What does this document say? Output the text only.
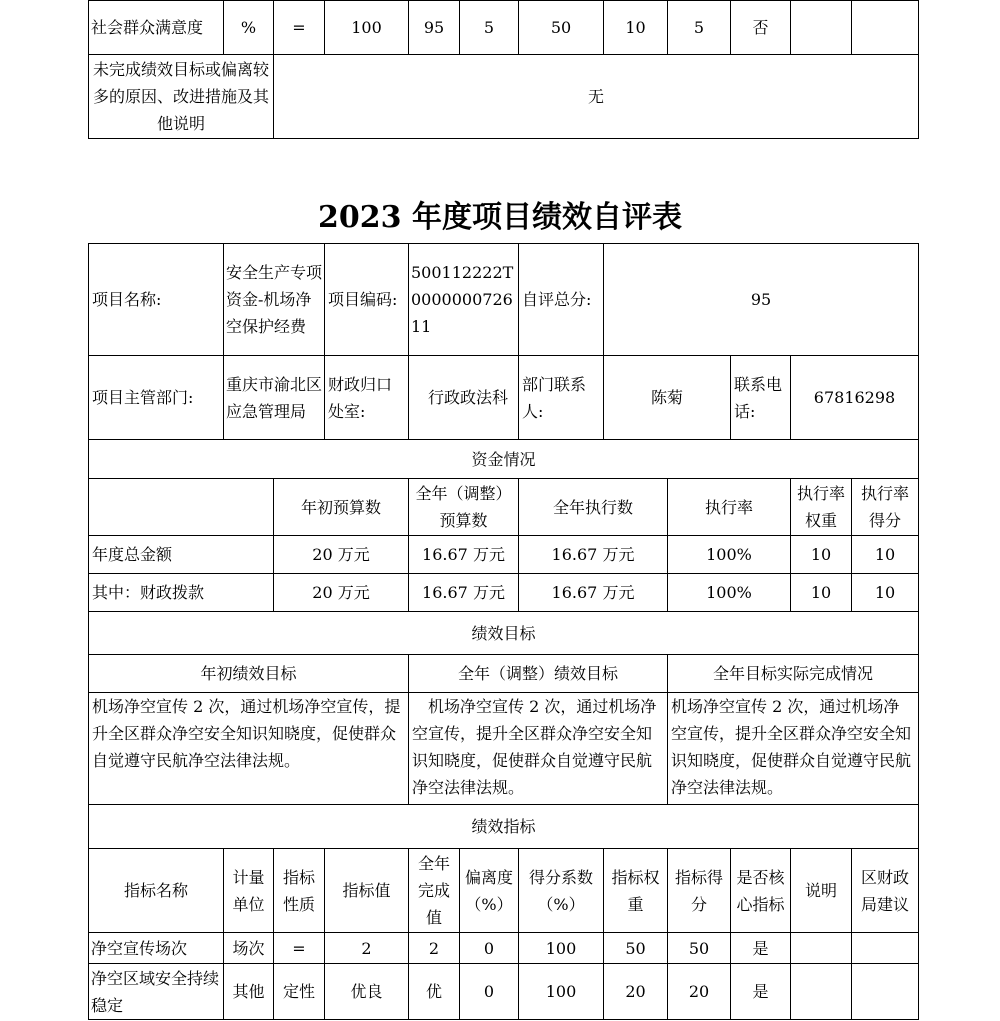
社会群众满意度	%	=	100	95	5	50	10	5	否		
未完成绩效目标或偏离较多的原因、改进措施及其他说明		无									
2023 年度项目绩效自评表
项目名称:	安全生产专项资金-机场净空保护经费		项目编码:	500112222T000000072611		自评总分:	95				
项目主管部门:	重庆市渝北区应急管理局		财政归口处室:	行政政法科		部门联系人:	陈菊		联系电话:	67816298	
资金情况											
		年初预算数		全年（调整）预算数		全年执行数		执行率		执行率权重	执行率得分
年度总金额		20 万元		16.67 万元		16.67 万元		100%		10	10
其中：财政拨款		20 万元		16.67 万元		16.67 万元		100%		10	10
绩效目标											
年初绩效目标				全年（调整）绩效目标				全年目标实际完成情况			
机场净空宣传 2 次，通过机场净空宣传，提升全区群众净空安全知识知晓度，促使群众自觉遵守民航净空法律法规。				机场净空宣传 2 次，通过机场净空宣传，提升全区群众净空安全知识知晓度，促使群众自觉遵守民航净空法律法规。				机场净空宣传 2 次，通过机场净空宣传，提升全区群众净空安全知识知晓度，促使群众自觉遵守民航净空法律法规。			
绩效指标											
指标名称	计量单位	指标性质	指标值	全年完成值	偏离度（%）	得分系数（%）	指标权重	指标得分	是否核心指标	说明	区财政局建议
净空宣传场次	场次	=	2	2	0	100	50	50	是		
净空区域安全持续稳定	其他	定性	优良	优	0	100	20	20	是		
